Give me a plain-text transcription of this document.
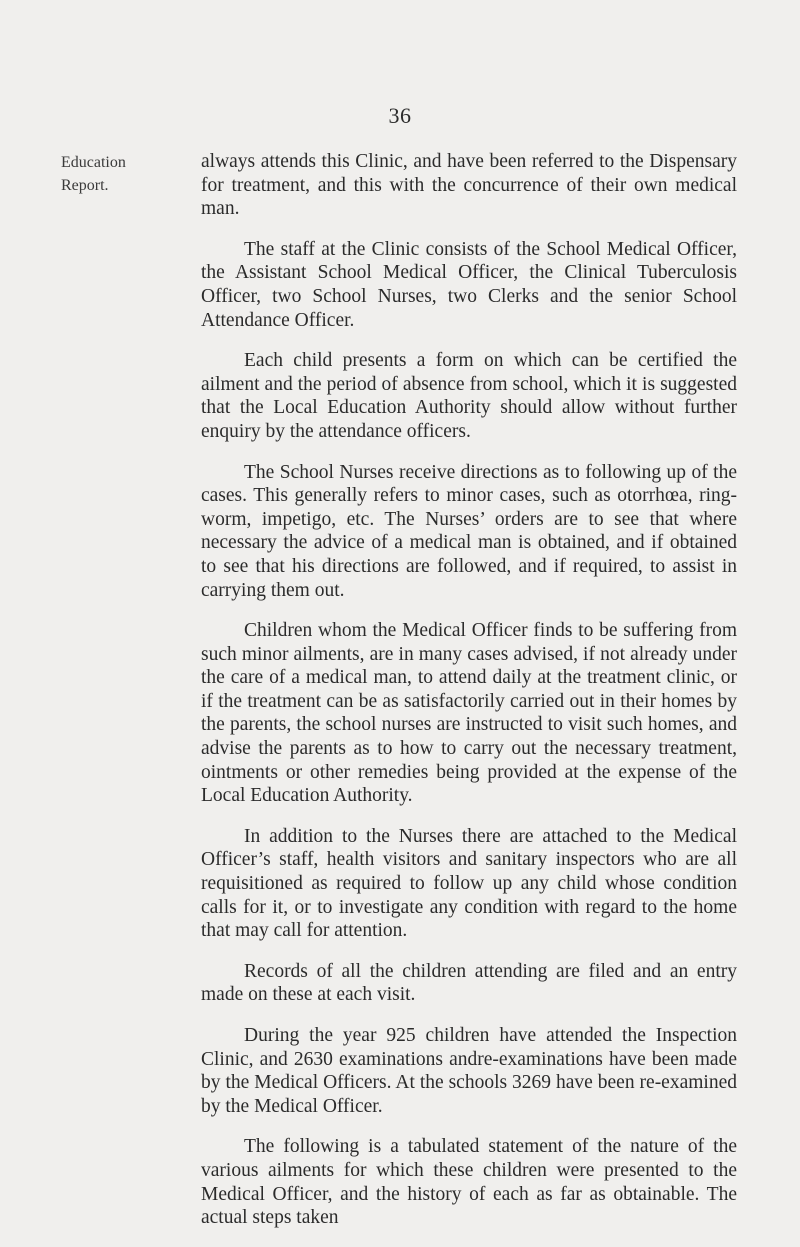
36
Education
Report.

always attends this Clinic, and have been referred to the Dispensary for treatment, and this with the concurrence of their own medical man.

The staff at the Clinic consists of the School Medical Officer, the Assistant School Medical Officer, the Clinical Tuberculosis Officer, two School Nurses, two Clerks and the senior School Attendance Officer.

Each child presents a form on which can be certified the ailment and the period of absence from school, which it is suggested that the Local Education Authority should allow without further enquiry by the attendance officers.

The School Nurses receive directions as to following up of the cases. This generally refers to minor cases, such as otorrhœa, ring-worm, impetigo, etc. The Nurses’ orders are to see that where necessary the advice of a medical man is obtained, and if obtained to see that his directions are followed, and if required, to assist in carrying them out.

Children whom the Medical Officer finds to be suffering from such minor ailments, are in many cases advised, if not already under the care of a medical man, to attend daily at the treatment clinic, or if the treatment can be as satisfactorily carried out in their homes by the parents, the school nurses are instructed to visit such homes, and advise the parents as to how to carry out the necessary treatment, ointments or other remedies being provided at the expense of the Local Education Authority.

In addition to the Nurses there are attached to the Medical Officer’s staff, health visitors and sanitary inspectors who are all requisitioned as required to follow up any child whose condition calls for it, or to investigate any condition with regard to the home that may call for attention.

Records of all the children attending are filed and an entry made on these at each visit.

During the year 925 children have attended the Inspection Clinic, and 2630 examinations andre-examinations have been made by the Medical Officers. At the schools 3269 have been re-examined by the Medical Officer.

The following is a tabulated statement of the nature of the various ailments for which these children were presented to the Medical Officer, and the history of each as far as obtainable. The actual steps taken
